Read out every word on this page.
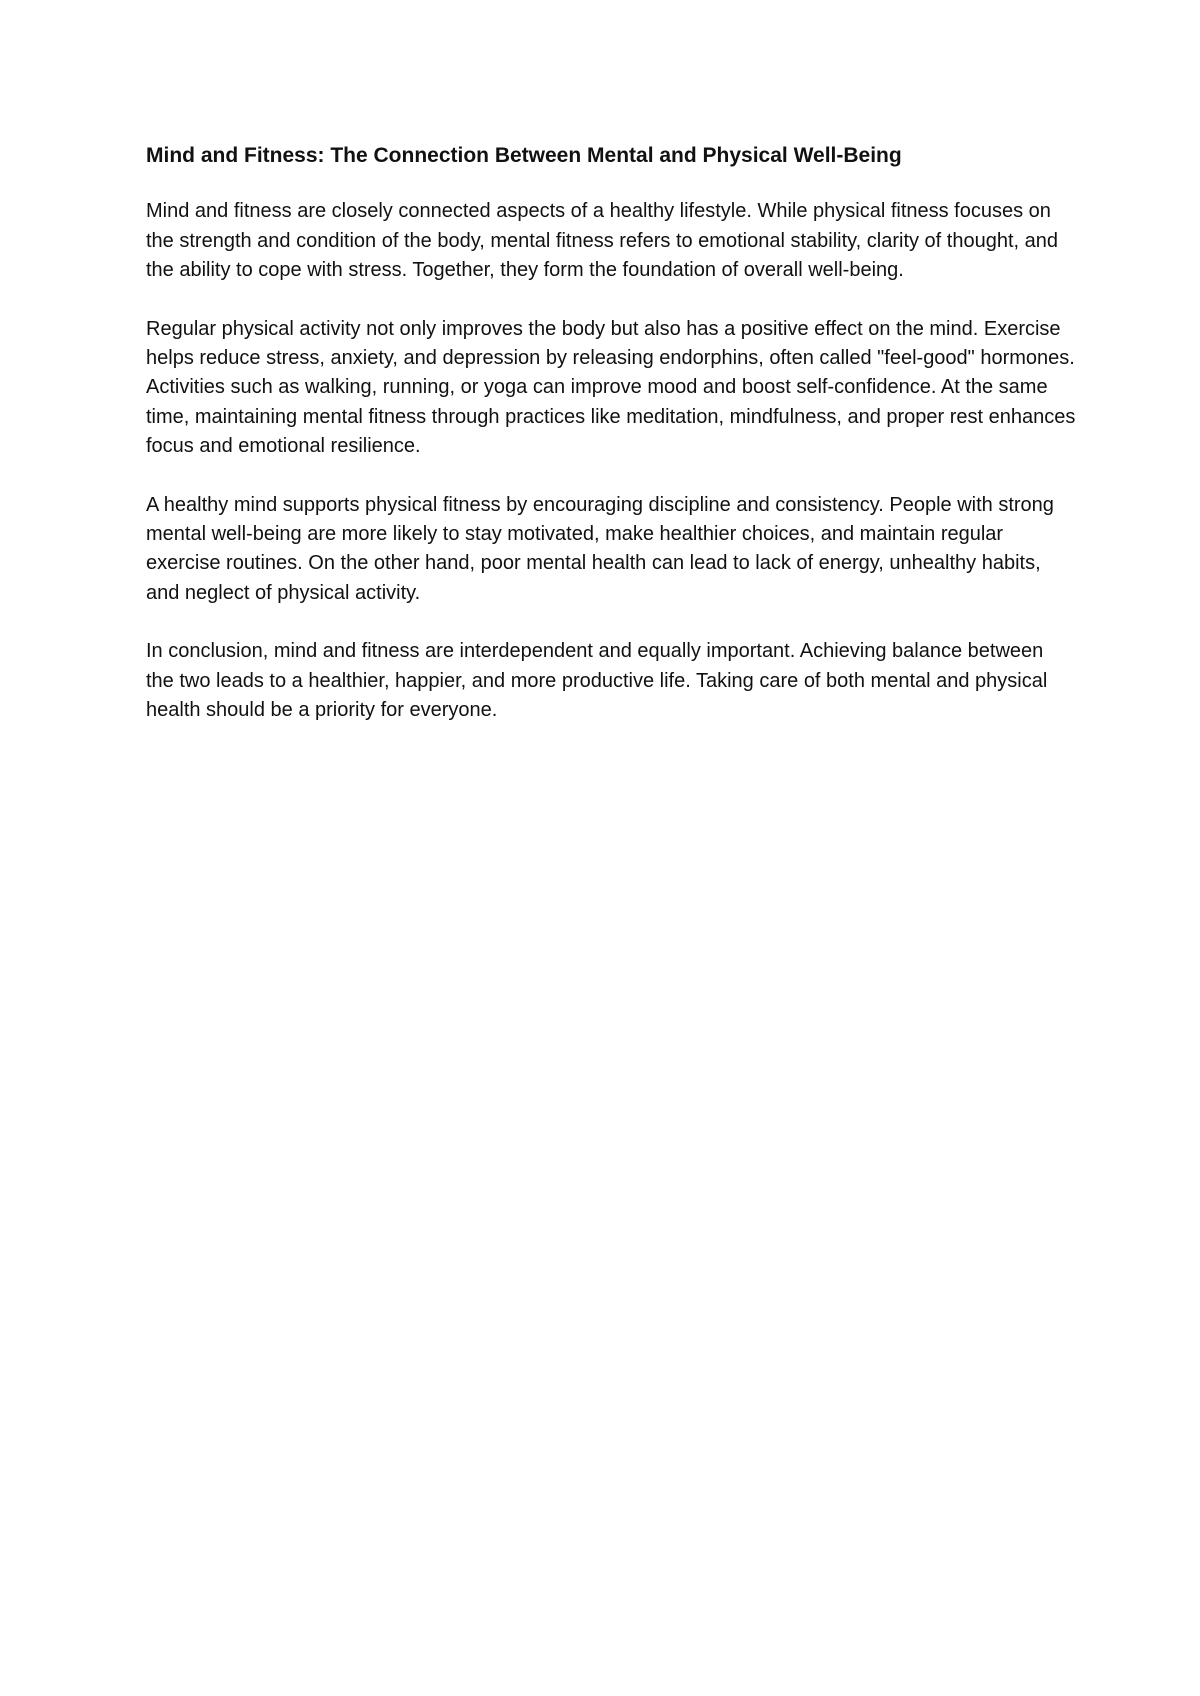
Mind and Fitness: The Connection Between Mental and Physical Well-Being

Mind and fitness are closely connected aspects of a healthy lifestyle. While physical fitness focuses on the strength and condition of the body, mental fitness refers to emotional stability, clarity of thought, and the ability to cope with stress. Together, they form the foundation of overall well-being.

Regular physical activity not only improves the body but also has a positive effect on the mind. Exercise helps reduce stress, anxiety, and depression by releasing endorphins, often called "feel-good" hormones. Activities such as walking, running, or yoga can improve mood and boost self-confidence. At the same time, maintaining mental fitness through practices like meditation, mindfulness, and proper rest enhances focus and emotional resilience.

A healthy mind supports physical fitness by encouraging discipline and consistency. People with strong mental well-being are more likely to stay motivated, make healthier choices, and maintain regular exercise routines. On the other hand, poor mental health can lead to lack of energy, unhealthy habits, and neglect of physical activity.

In conclusion, mind and fitness are interdependent and equally important. Achieving balance between the two leads to a healthier, happier, and more productive life. Taking care of both mental and physical health should be a priority for everyone.
